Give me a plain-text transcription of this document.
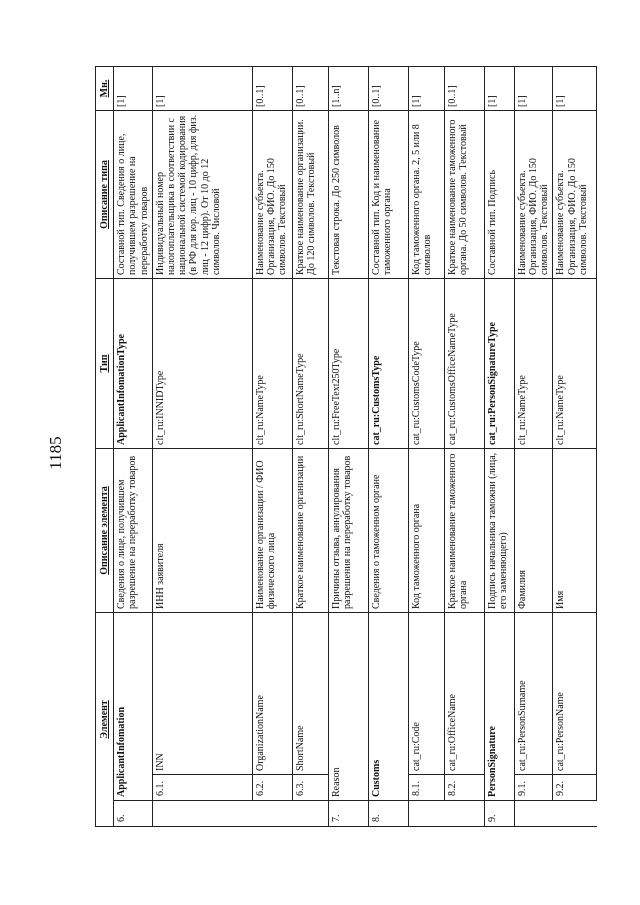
1185
Элемент			Описание элемента	Тип	Описание типа	Мн.
6.	ApplicantInfomation		Сведения о лице, получившем разрешение на переработку товаров	ApplicantInfomationType	Составной тип. Сведения о лице, получившем разрешение на переработку товаров	[1]
	6.1.	INN	ИНН заявителя	clt_ru:INNIDType	Индивидуальный номер налогоплательщика в соответствии с национальной системой кодирования (в РФ для юр. лиц - 10 цифр, для физ. лиц - 12 цифр). От 10 до 12 символов. Числовой	[1]
	6.2.	OrganizationName	Наименование организации / ФИО физического лица	clt_ru:NameType	Наименование субъекта. Организация, ФИО. До 150 символов. Текстовый	[0..1]
	6.3.	ShortName	Краткое наименование организации	clt_ru:ShortNameType	Краткое наименование организации. До 120 символов. Текстовый	[0..1]
7.	Reason		Причины отзыва, аннулирования разрешения на переработку товаров	clt_ru:FreeText250Type	Текстовая строка. До 250 символов	[1..n]
8.	Customs		Сведения о таможенном органе	cat_ru:CustomsType	Составной тип. Код и наименование таможенного органа	[0..1]
	8.1.	cat_ru:Code	Код таможенного органа	cat_ru:CustomsCodeType	Код таможенного органа. 2, 5 или 8 символов	[1]
	8.2.	cat_ru:OfficeName	Краткое наименование таможенного органа	cat_ru:CustomsOfficeNameType	Краткое наименование таможенного органа. До 50 символов. Текстовый	[0..1]
9.	PersonSignature		Подпись начальника таможни (лица, его заменяющего)	cat_ru:PersonSignatureType	Составной тип. Подпись	[1]
	9.1.	cat_ru:PersonSurname	Фамилия	clt_ru:NameType	Наименование субъекта. Организация, ФИО. До 150 символов. Текстовый	[1]
	9.2.	cat_ru:PersonName	Имя	clt_ru:NameType	Наименование субъекта. Организация, ФИО. До 150 символов. Текстовый	[1]
